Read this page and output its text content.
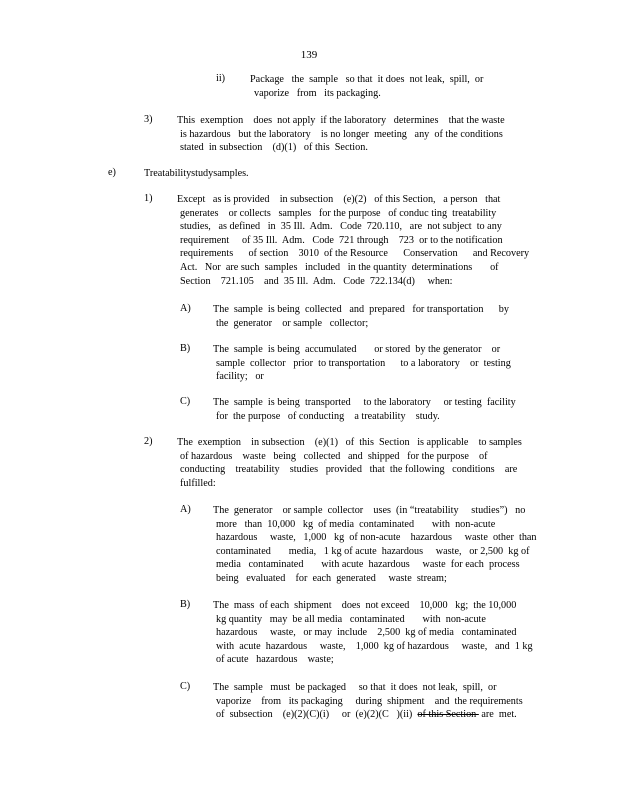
139
ii) Package   the  sample   so that  it does  not leak,  spill,  or
vaporize   from   its packaging.
3) This  exemption    does  not apply  if the laboratory   determines    that the waste
is hazardous   but the laboratory    is no longer  meeting   any  of the conditions
stated  in subsection    (d)(1)   of this  Section.
e)	Treatabilitystudysamples.
1) Except   as is provided    in subsection    (e)(2)   of this Section,   a person   that
generates    or collects   samples   for the purpose   of conduc ting  treatability
studies,   as defined   in  35 Ill.  Adm.   Code  720.110,   are  not subject  to any
requirement     of 35 Ill.  Adm.   Code  721 through    723  or to the notification
requirements      of section    3010  of the Resource      Conservation      and Recovery
Act.   Nor  are such  samples   included   in the quantity  determinations       of
Section    721.105    and  35 Ill.  Adm.   Code  722.134(d)     when:
A) The  sample  is being  collected   and  prepared   for transportation      by
the  generator    or sample   collector;
B) The  sample  is being  accumulated       or stored  by the generator    or
sample  collector   prior  to transportation      to a laboratory    or  testing
facility;   or
C) The  sample  is being  transported     to the laboratory     or testing  facility
for  the purpose   of conducting    a treatability    study.
2) The  exemption    in subsection    (e)(1)   of  this  Section   is applicable    to samples
of hazardous    waste   being   collected   and  shipped   for the purpose    of
conducting    treatability    studies   provided   that  the following   conditions    are
fulfilled:
A) The  generator    or sample  collector    uses  (in “treatability     studies”)   no
more   than  10,000   kg  of media  contaminated       with  non-acute
hazardous     waste,   1,000   kg  of non-acute    hazardous     waste  other  than
contaminated       media,   1 kg of acute  hazardous     waste,   or 2,500  kg of
media   contaminated       with acute  hazardous     waste  for each  process
being   evaluated    for  each  generated     waste  stream;
B) The  mass  of each  shipment    does  not exceed    10,000   kg;  the 10,000
kg quantity   may  be all media   contaminated       with  non-acute
hazardous     waste,   or may  include    2,500  kg of media   contaminated
with  acute  hazardous     waste,    1,000  kg of hazardous     waste,   and  1 kg
of acute   hazardous    waste;
C) The  sample   must  be packaged     so that  it does  not leak,  spill,  or
vaporize    from   its packaging     during  shipment    and  the requirements
of  subsection    (e)(2)(C)(i)     or  (e)(2)(C   )(ii)  of this Section  are  met.
